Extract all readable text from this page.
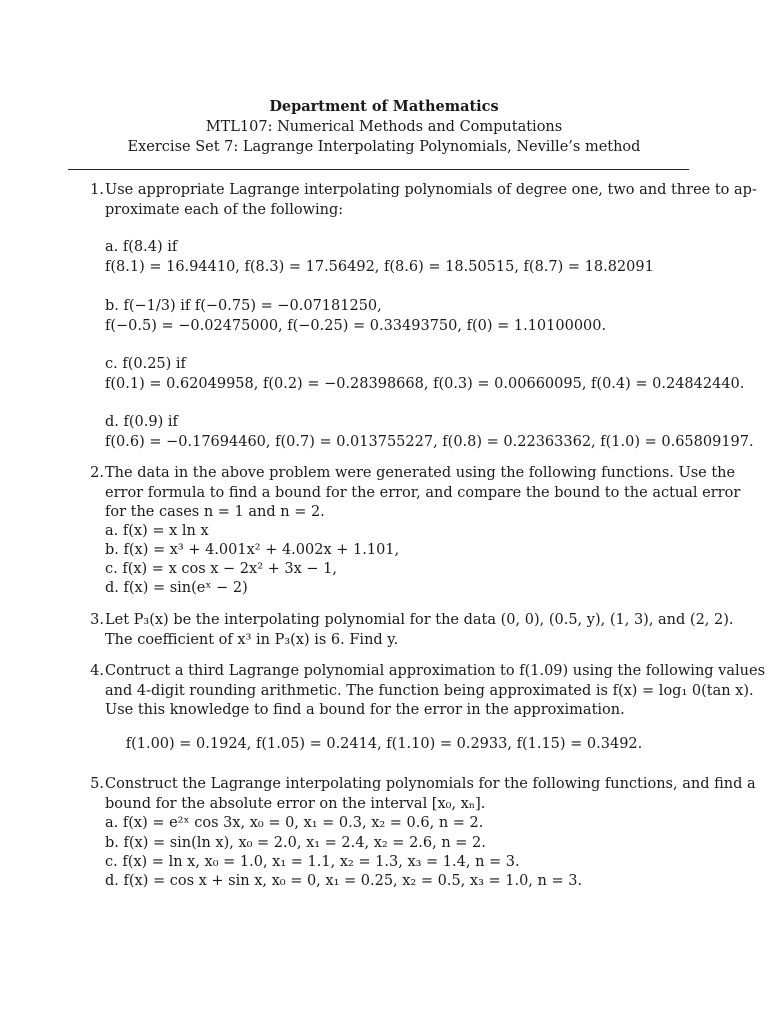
Department of Mathematics
MTL107: Numerical Methods and Computations
Exercise Set 7: Lagrange Interpolating Polynomials, Neville’s method
1. Use appropriate Lagrange interpolating polynomials of degree one, two and three to ap-
proximate each of the following:
a. f(8.4) if
f(8.1) = 16.94410, f(8.3) = 17.56492, f(8.6) = 18.50515, f(8.7) = 18.82091
b. f(−1/3) if f(−0.75) = −0.07181250,
f(−0.5) = −0.02475000, f(−0.25) = 0.33493750, f(0) = 1.10100000.
c. f(0.25) if
f(0.1) = 0.62049958, f(0.2) = −0.28398668, f(0.3) = 0.00660095, f(0.4) = 0.24842440.
d. f(0.9) if
f(0.6) = −0.17694460, f(0.7) = 0.013755227, f(0.8) = 0.22363362, f(1.0) = 0.65809197.
2. The data in the above problem were generated using the following functions. Use the
error formula to find a bound for the error, and compare the bound to the actual error
for the cases n = 1 and n = 2.
a. f(x) = x ln x
b. f(x) = x³ + 4.001x² + 4.002x + 1.101,
c. f(x) = x cos x − 2x² + 3x − 1,
d. f(x) = sin(eˣ − 2)
3. Let P₃(x) be the interpolating polynomial for the data (0, 0), (0.5, y), (1, 3), and (2, 2).
The coefficient of x³ in P₃(x) is 6. Find y.
4. Contruct a third Lagrange polynomial approximation to f(1.09) using the following values
and 4-digit rounding arithmetic. The function being approximated is f(x) = log₁ 0(tan x).
Use this knowledge to find a bound for the error in the approximation.
f(1.00) = 0.1924, f(1.05) = 0.2414, f(1.10) = 0.2933, f(1.15) = 0.3492.
5. Construct the Lagrange interpolating polynomials for the following functions, and find a
bound for the absolute error on the interval [x₀, xₙ].
a. f(x) = e²ˣ cos 3x, x₀ = 0, x₁ = 0.3, x₂ = 0.6, n = 2.
b. f(x) = sin(ln x), x₀ = 2.0, x₁ = 2.4, x₂ = 2.6, n = 2.
c. f(x) = ln x, x₀ = 1.0, x₁ = 1.1, x₂ = 1.3, x₃ = 1.4, n = 3.
d. f(x) = cos x + sin x, x₀ = 0, x₁ = 0.25, x₂ = 0.5, x₃ = 1.0, n = 3.
